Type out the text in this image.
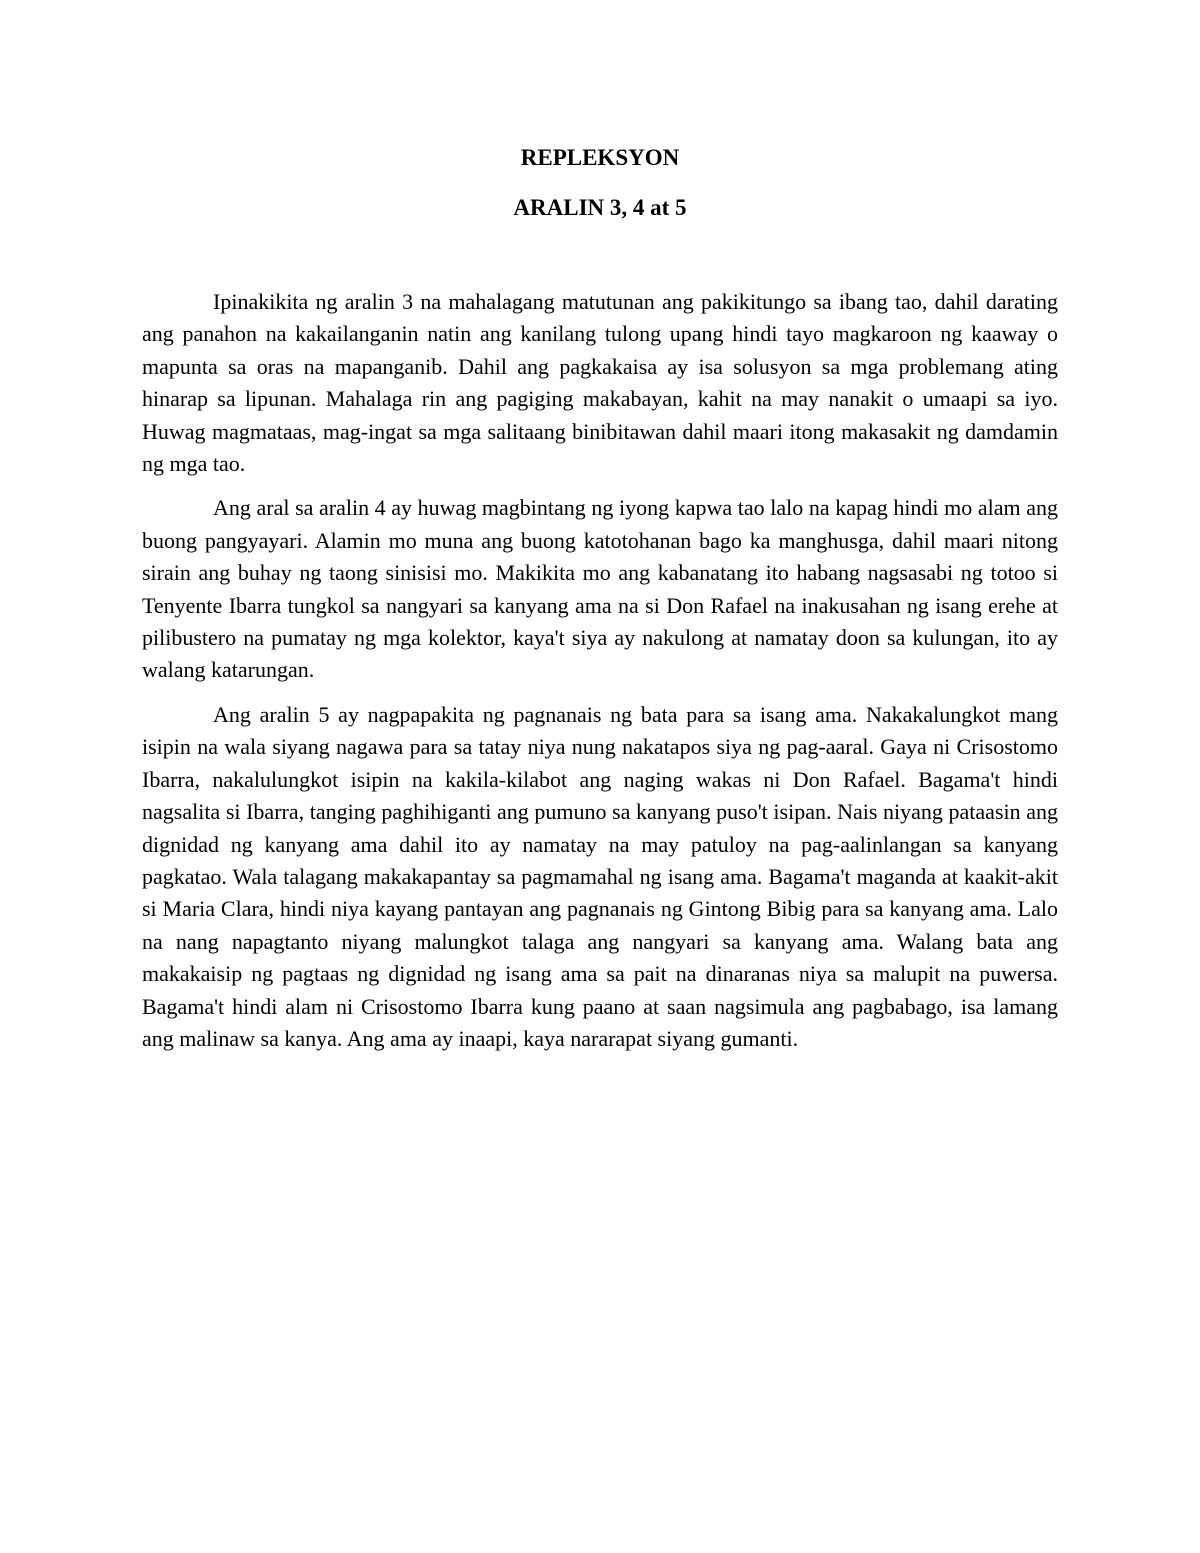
REPLEKSYON
ARALIN 3, 4 at 5

Ipinakikita ng aralin 3 na mahalagang matutunan ang pakikitungo sa ibang tao, dahil darating ang panahon na kakailanganin natin ang kanilang tulong upang hindi tayo magkaroon ng kaaway o mapunta sa oras na mapanganib. Dahil ang pagkakaisa ay isa solusyon sa mga problemang ating hinarap sa lipunan. Mahalaga rin ang pagiging makabayan, kahit na may nanakit o umaapi sa iyo. Huwag magmataas, mag-ingat sa mga salitaang binibitawan dahil maari itong makasakit ng damdamin ng mga tao.

Ang aral sa aralin 4 ay huwag magbintang ng iyong kapwa tao lalo na kapag hindi mo alam ang buong pangyayari. Alamin mo muna ang buong katotohanan bago ka manghusga, dahil maari nitong sirain ang buhay ng taong sinisisi mo. Makikita mo ang kabanatang ito habang nagsasabi ng totoo si Tenyente Ibarra tungkol sa nangyari sa kanyang ama na si Don Rafael na inakusahan ng isang erehe at pilibustero na pumatay ng mga kolektor, kaya't siya ay nakulong at namatay doon sa kulungan, ito ay walang katarungan.

Ang aralin 5 ay nagpapakita ng pagnanais ng bata para sa isang ama. Nakakalungkot mang isipin na wala siyang nagawa para sa tatay niya nung nakatapos siya ng pag-aaral. Gaya ni Crisostomo Ibarra, nakalulungkot isipin na kakila-kilabot ang naging wakas ni Don Rafael. Bagama't hindi nagsalita si Ibarra, tanging paghihiganti ang pumuno sa kanyang puso't isipan. Nais niyang pataasin ang dignidad ng kanyang ama dahil ito ay namatay na may patuloy na pag-aalinlangan sa kanyang pagkatao. Wala talagang makakapantay sa pagmamahal ng isang ama. Bagama't maganda at kaakit-akit si Maria Clara, hindi niya kayang pantayan ang pagnanais ng Gintong Bibig para sa kanyang ama. Lalo na nang napagtanto niyang malungkot talaga ang nangyari sa kanyang ama. Walang bata ang makakaisip ng pagtaas ng dignidad ng isang ama sa pait na dinaranas niya sa malupit na puwersa. Bagama't hindi alam ni Crisostomo Ibarra kung paano at saan nagsimula ang pagbabago, isa lamang ang malinaw sa kanya. Ang ama ay inaapi, kaya nararapat siyang gumanti.
